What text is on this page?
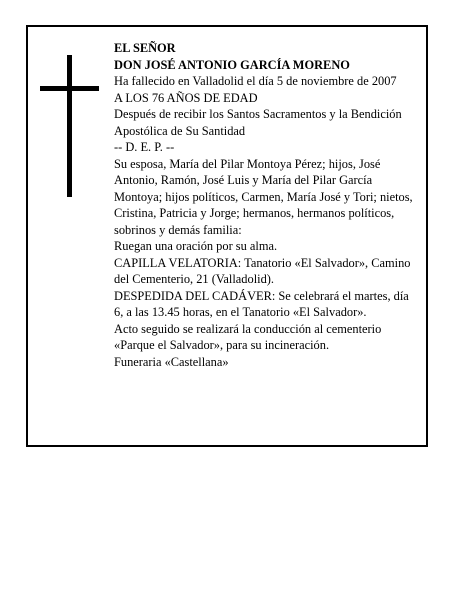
EL SEÑOR

DON JOSÉ ANTONIO GARCÍA MORENO

Ha fallecido en Valladolid el día 5 de noviembre de 2007

A LOS 76 AÑOS DE EDAD

Después de recibir los Santos Sacramentos y la Bendición Apostólica de Su Santidad

-- D. E. P. --

Su esposa, María del Pilar Montoya Pérez; hijos, José Antonio, Ramón, José Luis y María del Pilar García Montoya; hijos políticos, Carmen, María José y Tori; nietos, Cristina, Patricia y Jorge; hermanos, hermanos políticos, sobrinos y demás familia:

Ruegan una oración por su alma.

CAPILLA VELATORIA: Tanatorio «El Salvador», Camino del Cementerio, 21 (Valladolid).

DESPEDIDA DEL CADÁVER: Se celebrará el martes, día 6, a las 13.45 horas, en el Tanatorio «El Salvador».

Acto seguido se realizará la conducción al cementerio «Parque el Salvador», para su incineración.

Funeraria «Castellana»
